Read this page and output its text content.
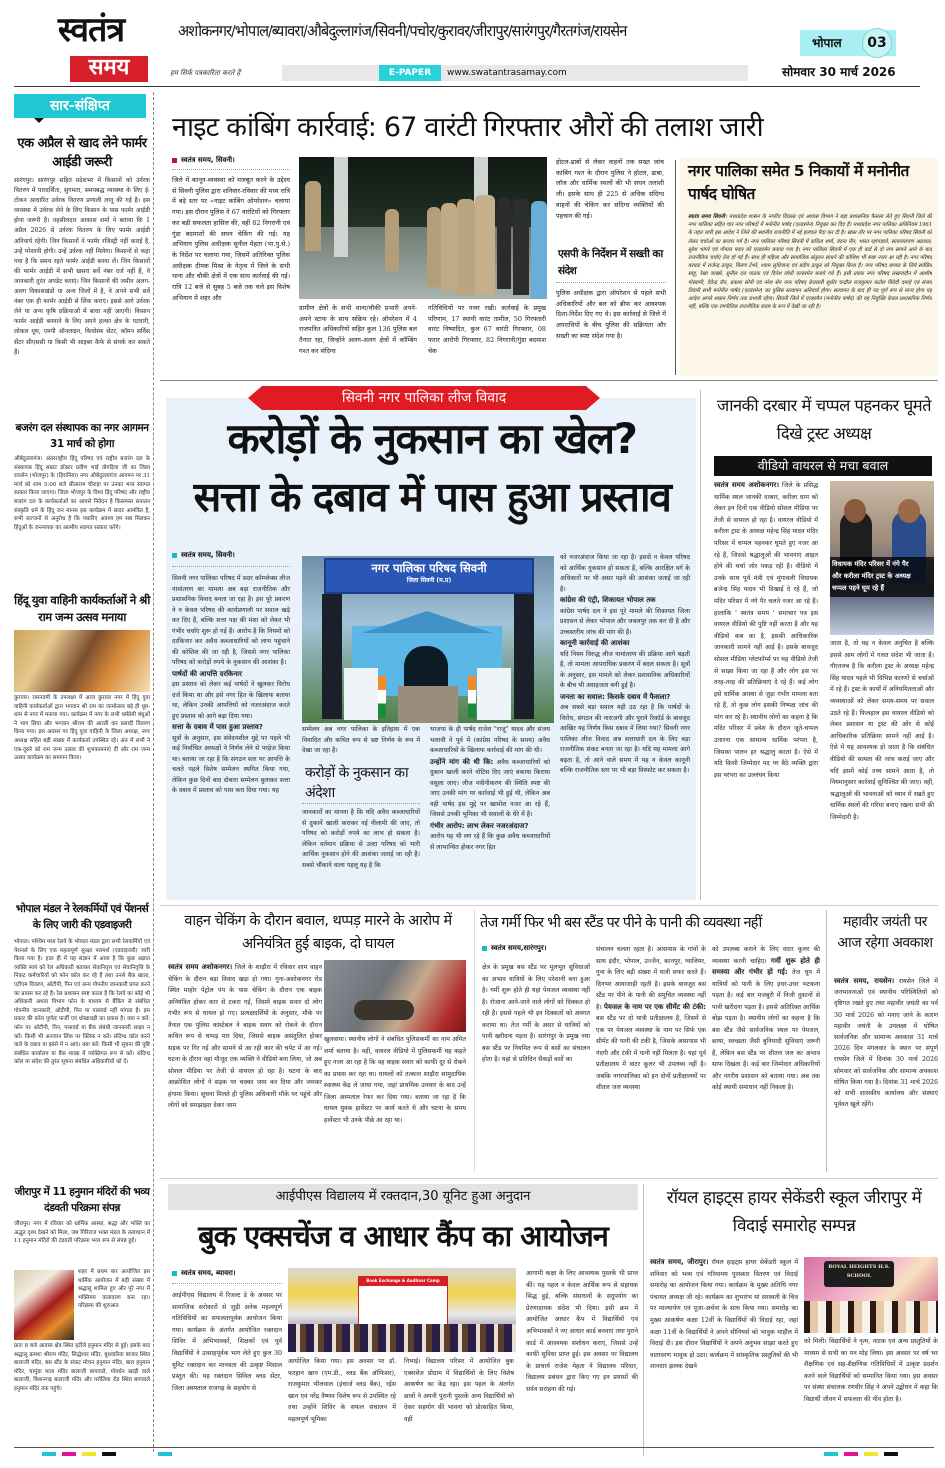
स्वतंत्र
समय
अशोकनगर/भोपाल/ब्यावरा/औबेदुल्लागंज/सिवनी/पचोर/कुरावर/जीरापुर/सारंगपुर/गैरतगंज/रायसेन
भोपाल	03
हम सिर्फ पत्रकारिता करते हैं	E-PAPER	www.swatantrasamay.com	सोमवार 30 मार्च 2026
सार-संक्षिप्त
एक अप्रैल से खाद लेने फार्मर आईडी जरूरी
सारंगपुर। सारंगपुर सहित प्रदेशभर में किसानों को उर्वरक वितरण में पारदर्शिता, सुगमता, समयबद्ध व्यवस्था के लिए ई-टोकन आधारित उर्वरक वितरण प्रणाली लागू की गई है। इस व्यवस्था में उर्वरक लेने के लिए किसान के पास फार्मर आईडी होना जरूरी है। तहसीलदार आकाश शर्मा ने बताया कि 1 अप्रैल 2026 से उर्वरक वितरण के लिए फार्मर आईडी अनिवार्य रहेगी। जिन किसानों ने फार्मर रजिस्ट्री नहीं कराई है, उन्हें परेशानी होगी। उन्हें उर्वरक नहीं मिलेगा। किसानों से कहा गया है कि समय रहते फार्मर आईडी बनवा लें। जिन किसानों की फार्मर आईडी में सभी खसरा सर्वे नंबर दर्ज नहीं हैं, वे जानकारी तुरंत अपडेट कराएं। जिन किसानों की जमीन अलग-अलग विकासखंडों या अन्य जिलों में है, वे अपने सभी सर्वे नंबर एक ही फार्मर आईडी से लिंक कराएं। इससे आगे उर्वरक लेने या अन्य कृषि प्रक्रियाओं में बाधा नहीं आएगी। किसान फार्मर आईडी बनवाने के लिए अपने हल्का क्षेत्र के पटवारी, लोकल यूथ, एमपी ऑनलाइन, कियोस्क सेंटर, कॉमन सर्विस सेंटर सीएससी या किसी भी साइबर कैफे से संपर्क कर सकते हैं।
बजरंग दल संस्थापक का नगर आगमन 31 मार्च को होगा
औबेदुल्लागंज। अंतरराष्ट्रीय हिंदू परिषद एवं राष्ट्रीय बजरंग दल के संस्थापक हिंदू सम्राट डॉक्टर प्रवीण भाई तोगड़िया जी का जिला रायसेन (भोजपुर) के (हिरानिया) नगर औबेदुल्लागंज आगमन पर 31 मार्च को शाम 5:00 बजे सीताराम चौराहा पर उनका भव्य स्वागत सत्कार किया जाएगा। जिला भोजपुर के विश्व हिंदू परिषद और राष्ट्रीय बजरंग दल के कार्यकर्ताओं का आपसे निवेदन है किसमस्त सनातन संस्कृति धर्म के हिंदू जन मानस इस कार्यक्रम में सादर आमंत्रित है, सभी सज्जनों से अनुरोध है कि पधारिए अवश्य हम सब मिलकर हिंदुओं के जननायक का आत्मीय स्वागत सत्कार करेंगे।
हिंदू युवा वाहिनी कार्यकर्ताओं ने श्री राम जन्म उत्सव मनाया
कुरावर। रामनवमी के उपलक्ष्य में आज कुरावर नगर में हिंदू युवा वाहिनी कार्यकर्ताओं द्वारा भगवान श्री राम का जन्मोत्सव बड़े ही धूम-धाम से नगर में मनाया गया। कार्यक्रम में नगर के सभी धर्मप्रेमी बंधुओं ने भाग लिया और भगवान श्रीराम की आरती कर प्रसादी वितरण किया गया। इस अवसर पर हिंदू युवा वाहिनी के जिला अध्यक्ष, नगर अध्यक्ष सहित बड़ी संख्या में कार्यकर्ता उपस्थित रहे। अंत में सभी ने एक-दूसरे को राम जन्म उत्सव की शुभकामनाएं दीं और राम जन्म उत्सव कार्यक्रम का समापन किया।
भोपाल मंडल ने रेलकर्मियों एवं पेंशनर्स के लिए जारी की एडवाइजरी
भोपाल। पश्चिम मध्य रेलवे के भोपाल मंडल द्वारा सभी रेलकर्मियों एवं पेंशनर्स के लिए एक महत्वपूर्ण सुरक्षा परामर्श (एडवाइजरी) जारी किया गया है। हाल ही में यह संज्ञान में आया है कि कुछ अज्ञात व्यक्ति स्वयं को रेल अधिकारी बताकर सेवानिवृत्त एवं सेवानिवृत्ति के निकट कर्मचारियों को फोन कॉल कर रहे हैं तथा उनसे बैंक खाता, एटीएम विवरण, ओटीपी, पिन एवं अन्य गोपनीय जानकारी प्राप्त करने का प्रयास कर रहे हैं। रेल प्रशासन स्पष्ट करता है कि रेलवे का कोई भी अधिकारी अथवा विभाग फोन के माध्यम से बैंकिंग से संबंधित गोपनीय जानकारी, ओटीपी, पिन या पासवर्ड नहीं मांगता है। इस प्रकार की कॉल पूर्णतः फर्जी एवं धोखाधड़ी का प्रयास है। क्या न करें: फोन पर ओटीपी, पिन, पासवर्ड या बैंक संबंधी जानकारी साझा न करें। किसी भी अनजान लिंक पर क्लिक न करें। संदिग्ध कॉल करने वाले के दबाव या झांसे में न आएं। क्या करें: किसी भी सूचना की पुष्टि संबंधित कार्यालय या बैंक शाखा में व्यक्तिगत रूप से करें। संदिग्ध कॉल या संदेश की तुरंत सूचना संबंधित अधिकारियों को दें।
जीरापुर में 11 हनुमान मंदिरों की भव्य दंडवती परिक्रमा संपन्न
जीरापुर। नगर में रविवार को धार्मिक आस्था, श्रद्धा और भक्ति का अद्भुत दृश्य देखने को मिला, जब गिरिराज भक्त मंडल के तत्वाधान में 11 हनुमान मंदिरों की दंडवती परिक्रमा भव्य रूप से संपन्न हुई।
शहर में प्रथम बार आयोजित इस धार्मिक आयोजन में बड़ी संख्या में श्रद्धालु शामिल हुए और पूरे नगर में भक्तिमय वातावरण बना रहा। परिक्रमा की शुरुआत
प्रातः 8 बजे आवास क्षेत्र स्थित हटीले हनुमान मंदिर से हुई। इसके बाद श्रद्धालु क्रमशः श्रीराम मंदिर, सिद्धेश्वर मंदिर, बुधवारिया बाजार स्थित बालाजी मंदिर, बस स्टैंड के संकट मोचन हनुमान मंदिर, बाल हनुमान मंदिर, चामुंडा माता मंदिर बालाजी बागवाले, गोवर्धन खाड़ी वाले बालाजी, किशनगढ़ बालाजी मंदिर और परोलिया रोड स्थित बागवाले हनुमान मंदिर तक पहुंचे।
नाइट कांबिंग कार्रवाई: 67 वारंटी गिरफ्तार औरों की तलाश जारी
स्वतंत्र समय, सिवनी।
जिले में कानून-व्यवस्था को मजबूत करने के उद्देश्य से सिवनी पुलिस द्वारा शनिवार-रविवार की मध्य रात्रि में बड़े स्तर पर «नाइट कांबिंग ऑपरेशन» चलाया गया। इस दौरान पुलिस ने 67 वारंटियों को गिरफ्तार कर बड़ी सफलता हासिल की, वहीं 82 निगरानी एवं गुंडा बदमाशों की सघन चेकिंग की गई। यह अभियान पुलिस अधीक्षक सुनील मेहता (भा.पु.से.) के निर्देश पर चलाया गया, जिसमें अतिरिक्त पुलिस अधीक्षक दीपक मिश्रा के नेतृत्व में जिले के सभी थाना और चौकी क्षेत्रों में एक साथ कार्रवाई की गई। रात्रि 12 बजे से सुबह 5 बजे तक चले इस विशेष अभियान में शहर और
ग्रामीण क्षेत्रों के सभी थाना/चौकी प्रभारी अपने-अपने स्टाफ के साथ सक्रिय रहे। ऑपरेशन में 4 राजपत्रित अधिकारियों सहित कुल 136 पुलिस बल तैनात रहा, जिन्होंने अलग-अलग क्षेत्रों में कॉम्बिंग गश्त कर संदिग्ध
गतिविधियों पर नजर रखी। कार्रवाई के प्रमुख परिणाम, 17 स्थायी वारंट तामील, 50 गिरफ्तारी वारंट निष्पादित, कुल 67 वारंटी गिरफ्तार, 08 फरार आरोपी गिरफ्तार, 82 निगरानी/गुंडा बदमाश चेक
होटल-ढाबों से लेकर वाहनों तक सख्त जांच कांबिंग गश्त के दौरान पुलिस ने होटल, ढाबा, लॉज और धार्मिक स्थलों की भी सघन तलाशी ली। इसके साथ ही 225 से अधिक संदिग्ध वाहनों की चेकिंग कर संदिग्ध व्यक्तियों की पहचान की गई।
एसपी के निर्देशन में सख्ती का संदेश
पुलिस अधीक्षक द्वारा ऑपरेशन से पहले सभी अधिकारियों और बल को ब्रीफ कर आवश्यक दिशा-निर्देश दिए गए थे। इस कार्रवाई से जिले में अपराधियों के बीच पुलिस की सक्रियता और सख्ती का स्पष्ट संदेश गया है।
नगर पालिका समेत 5 निकायों में मनोनीत पार्षद घोषित
स्वतंत्र समय सिवनी। मध्यप्रदेश शासन के नगरीय विकास एवं आवास विभाग ने बड़ा प्रशासनिक फैसला लेते हुए सिवनी जिले की नगर पालिका सहित चार नगर परिषदों में मनोनीत पार्षद (एल्डरमेन) नियुक्त कर दिए हैं। मध्यप्रदेश नगर पालिका अधिनियम 1961 के तहत जारी इस आदेश ने जिले की स्थानीय राजनीति में नई हलचल पैदा कर दी है। खास तौर पर नगर पालिका परिषद सिवनी को लेकर चर्चाओं का बाजार गर्म है। नगर पालिका परिषद सिवनी में कविता शर्मा, वंदना जैन, भारत रहांगडाले, सत्यनारायण अग्रवाल, सुरेश भांगरे एवं गोपाल पवार को एल्डरमेन बनाया गया है। नगर पालिका सिवनी में एक ही वार्ड से दो नाम सामने आने के बाद राजनीतिक चर्चाएं तेज हो गई हैं। साथ ही महिला और सामाजिक संतुलन साधने की कोशिश भी स्पष्ट नजर आ रही है। नगर परिषद बरघाट में राजेन्द्र ठाकुर, किरण टेंभरे, श्याम लुधियाना एवं प्रदीप ठाकुर को नियुक्त किया है। नगर परिषद छपारा के लिये सर्वप्रिय साहू, रेखा जाखरे, सुनील दत्त पाठक एवं दिनेश लोधी एल्डरमेन बनाये गये हैं। इसी प्रकार नगर परिषद लखनादौन में आशीष गोस्वामी, देवेन्द्र जैन, प्रकाश सोनी एवं नरेश सेन नगर परिषद केवलारी सुधीर चन्द्रौल राजकुमार कटोल त्रिवेदी दमाहे एवं संजय तिवारी सभी मनोनीत पार्षद (एल्डरमेन) का पुलिस सत्यापन अनिवार्य होगा। सत्यापन के बाद ही पद पूर्ण रूप से मान्य होगा यह आदेश अगले शासन निर्णय तक प्रभावी रहेगा। सिवनी जिले में एल्डरमैन (मनोनीत पार्षद) की यह नियुक्ति केवल प्रशासनिक निर्णय नहीं, बल्कि एक रणनीतिक राजनीतिक कदम के रूप में देखी जा रही है।
सिवनी नगर पालिका लीज विवाद
करोड़ों के नुकसान का खेल?
सत्ता के दबाव में पास हुआ प्रस्ताव
स्वतंत्र समय, सिवनी।
सिवनी नगर पालिका परिषद में सदर कॉम्प्लेक्स लीज नामांतरण का मामला अब बड़ा राजनीतिक और प्रशासनिक विवाद बनता जा रहा है। इस पूरे प्रकरण ने न केवल परिषद की कार्यप्रणाली पर सवाल खड़े कर दिए हैं, बल्कि सत्ता पक्ष की मंशा को लेकर भी गंभीर चर्चाएं शुरू हो गई हैं। आरोप है कि नियमों को दरकिनार कर अवैध कब्जाधारियों को लाभ पहुंचाने की कोशिश की जा रही है, जिससे नगर पालिका परिषद को करोड़ों रुपये के नुकसान की आशंका है।
पार्षदों की आपत्ति दरकिनार
इस प्रस्ताव को लेकर कई पार्षदों ने खुलकर विरोध दर्ज किया था और इसे नगर हित के खिलाफ बताया था, लेकिन उनकी आपत्तियों को नजरअंदाज करते हुए प्रस्ताव को आगे बढ़ा दिया गया।
सत्ता के दबाव में पास हुआ प्रस्ताव?
सूत्रों के अनुसार, इस संवेदनशील मुद्दे पर पहले भी कई निर्वाचित अध्यक्षों ने निर्णय लेने से परहेज किया था। बताया जा रहा है कि संगठन स्तर पर आपत्ति के चलते पहले विशेष सम्मेलन स्थगित किया गया, लेकिन कुछ दिनों बाद दोबारा सम्मेलन बुलाकर सत्ता के दबाव में प्रस्ताव को पास करा दिया गया। यह
नगर पालिका परिषद सिवनी
जिला सिवनी (म.प्र)
सम्मेलन अब नगर पालिका के इतिहास में एक विवादित और कथित रूप से भ्रष्ट निर्णय के रूप में देखा जा रहा है।
करोड़ों के नुकसान का अंदेशा
जानकारों का मानना है कि यदि अवैध कब्जाधारियों से दुकानें खाली कराकर नई नीलामी की जाए, तो परिषद को करोड़ों रुपये का लाभ हो सकता है। लेकिन वर्तमान प्रक्रिया से उल्टा परिषद को भारी आर्थिक नुकसान होने की आशंका जताई जा रही है। सबसे चौंकाने वाला पहलू यह है कि
भाजपा के ही पार्षद राजेश "राजू" यादव और संजय भलावी ने पूर्व में (कांग्रेस परिषद के समय) अवैध कब्जाधारियों के खिलाफ कार्रवाई की मांग की थी।
उन्होंने मांग की थी कि: अवैध कब्जाधारियों को दुकान खाली करने नोटिस दिए जाएं बकाया किराया वसूला जाए। लीज नवीनीकरण की स्थिति स्पष्ट की जाए उनकी मांग पर कार्रवाई भी हुई थी, लेकिन अब वही पार्षद इस मुद्दे पर खामोश नजर आ रहे हैं, जिससे उनकी भूमिका भी सवालों के घेरे में है।
गंभीर आरोप: लाभ लेकर नजरअंदाज?
आरोप यह भी लग रहे हैं कि कुछ अवैध कब्जाधारियों से लाभान्वित होकर नगर हित
को नजरअंदाज किया जा रहा है। इससे न केवल परिषद को आर्थिक नुकसान हो सकता है, बल्कि आरक्षित वर्ग के अधिकारों पर भी असर पड़ने की आशंका जताई जा रही है।
कांग्रेस की एंट्री, शिकायत भोपाल तक
कांग्रेस पार्षद दल ने इस पूरे मामले की शिकायत जिला प्रशासन से लेकर भोपाल और जबलपुर तक कर दी है और उच्चस्तरीय जांच की मांग की है।
कानूनी कार्रवाई की आशंका
यदि नियम विरुद्ध लीज नामांतरण की प्रक्रिया आगे बढ़ती है, तो मामला आपराधिक प्रकरण में बदल सकता है। सूत्रों के अनुसार, इस मामले को लेकर प्रशासनिक अधिकारियों के बीच भी असहजता बनी हुई है।
जनता का सवाल: किसके दबाव में फैसला?
अब सबसे बड़ा सवाल यही उठ रहा है कि पार्षदों के विरोध, संगठन की नाराजगी और पुराने रिकॉर्ड के बावजूद आखिर यह निर्णय किस दबाव में लिया गया? सिवनी नगर पालिका लीज विवाद अब सत्ताधारी दल के लिए बड़ा राजनीतिक संकट बनता जा रहा है। यदि यह मामला आगे बढ़ता है, तो आने वाले समय में यह न केवल कानूनी बल्कि राजनीतिक स्तर पर भी बड़ा विस्फोट कर सकता है।
जानकी दरबार में चप्पल पहनकर घूमते दिखे ट्रस्ट अध्यक्ष
वीडियो वायरल से मचा बवाल
स्वतंत्र समय अशोकनगर। जिले के प्रसिद्ध धार्मिक स्थल जानकी दरबार, करीला धाम को लेकर इन दिनों एक वीडियो सोशल मीडिया पर तेजी से वायरल हो रहा है। वायरल वीडियो में करीला ट्रस्ट के अध्यक्ष महेन्द्र सिंह यादव मंदिर परिसर में चप्पल पहनकर घूमते हुए नजर आ रहे हैं, जिससे श्रद्धालुओं की भावनाएं आहत होने की चर्चा जोर पकड़ रही है। वीडियो में उनके साथ पूर्व मंत्री एवं मुंगावली विधायक ब्रजेन्द्र सिंह यादव भी दिखाई दे रहे हैं, जो मंदिर परिसर में नंगे पैर चलते नजर आ रहे हैं। हालांकि ' स्वतंत्र समय ' समाचार पत्र इस वायरल वीडियो की पुष्टि नहीं करता है और यह वीडियो कब का है, इसकी आधिकारिक जानकारी सामने नहीं आई है। इसके बावजूद सोशल मीडिया प्लेटफॉर्म्स पर यह वीडियो तेजी से साझा किया जा रहा है और लोग इस पर तरह-तरह की प्रतिक्रियाएं दे रहे हैं। कई लोग इसे धार्मिक आस्था से जुड़ा गंभीर मामला बता रहे हैं, तो कुछ लोग इसकी निष्पक्ष जांच की मांग कर रहे हैं। स्थानीय लोगों का कहना है कि मंदिर परिसर में प्रवेश के दौरान जूते-चप्पल उतारना एक सामान्य धार्मिक परंपरा है, जिसका पालन हर श्रद्धालु करता है। ऐसे में यदि किसी जिम्मेदार पद पर बैठे व्यक्ति द्वारा इस परंपरा का उल्लंघन किया
विधायक मंदिर परिसर में नंगे पैर
और करीला मंदिर ट्रस्ट के अध्यक्ष
चप्पल पहने घूम रहे हैं
जाता है, तो यह न केवल अनुचित है बल्कि इससे आम लोगों में गलत संदेश भी जाता है। गौरतलब है कि करीला ट्रस्ट के अध्यक्ष महेन्द्र सिंह यादव पहले भी विभिन्न कारणों से चर्चाओं में रहे हैं। ट्रस्ट के कार्यों में अनियमितताओं और व्यवस्थाओं को लेकर समय-समय पर सवाल उठते रहे हैं। फिलहाल इस वायरल वीडियो को लेकर प्रशासन या ट्रस्ट की ओर से कोई आधिकारिक प्रतिक्रिया सामने नहीं आई है। ऐसे में यह आवश्यक हो जाता है कि संबंधित वीडियो की सत्यता की जांच कराई जाए और यदि इसमें कोई तथ्य सामने आता है, तो नियमानुसार कार्रवाई सुनिश्चित की जाए। वहीं, श्रद्धालुओं की भावनाओं को ध्यान में रखते हुए धार्मिक स्थलों की गरिमा बनाए रखना सभी की जिम्मेदारी है।
वाहन चेकिंग के दौरान बवाल, थप्पड़ मारने के आरोप में अनियंत्रित हुई बाइक, दो घायल
स्वतंत्र समय अशोकनगर। जिले के शाढ़ौरा में रविवार शाम वाहन चेकिंग के दौरान बड़ा विवाद खड़ा हो गया। गुना-अशोकनगर रोड स्थित माहोर पेट्रोल पंप के पास चेकिंग के दौरान एक बाइक अनियंत्रित होकर कार से टकरा गई, जिसमें बाइक सवार दो लोग गंभीर रूप से घायल हो गए। प्रत्यक्षदर्शियों के अनुसार, मौके पर तैनात एक पुलिस कांस्टेबल ने बाइक सवार को रोकने के दौरान कथित रूप से थप्पड़ मार दिया, जिससे बाइक असंतुलित होकर सड़क पर गिर गई और सामने से आ रही कार की चपेट में आ गई। घटना के दौरान वहां मौजूद एक व्यक्ति ने वीडियो बना लिया, जो अब सोशल मीडिया पर तेजी से वायरल हो रहा है। घटना के बाद आक्रोशित लोगों ने सड़क पर चक्का जाम कर दिया और जमकर हंगामा किया। सूचना मिलते ही पुलिस अधिकारी मौके पर पहुंचे और लोगों को समझाइश देकर जाम
खुलवाया। स्थानीय लोगों ने संबंधित पुलिसकर्मी का नाम अमित शर्मा बताया है। वहीं, वायरल वीडियो में पुलिसकर्मी यह कहते हुए नजर आ रहा है कि वह बाइक सवार को काफी दूर से रोकने का प्रयास कर रहा था। घायलों को तत्काल शाढ़ौरा सामुदायिक स्वास्थ्य केंद्र ले जाया गया, जहां प्राथमिक उपचार के बाद उन्हें जिला अस्पताल रेफर कर दिया गया। बताया जा रहा है कि घायल युवक हार्वेस्टर पर कार्य करते थे और घटना के समय हार्वेस्टर भी उनके पीछे आ रहा था।
तेज गर्मी फिर भी बस स्टैंड पर पीने के पानी की व्यवस्था नहीं
स्वतंत्र समय,सारंगपुर।
क्षेत्र के प्रमुख बस स्टैंड पर मूलभूत सुविधाओं का अभाव यात्रियों के लिए परेशानी बना हुआ है। गर्मी शुरू होते ही यहां पेयजल व्यवस्था नहीं है। रोजाना आने-जाने वाले लोगों को दिक्कत हो रही है। इससे पहले भी इन दिक्कतों को अवगत कराया था। तेज गर्मी के असर से यात्रियों को पानी खरीदना पड़ता है। सारंगपुर के प्रमुख नया बस स्टैंड पर नियमित रूप से बसों का संचालन होता है। यहां से प्रतिदिन सैकड़ों बसों का
संचालन चलता रहता है। आसपास के गांवों के साथ इंदौर, भोपाल, उज्जैन, कानपुर, ग्वालियर, गुना के लिए बड़ी संख्या में यात्री सफर करते हैं। दिनभर आवाजाही रहती है। इसके बावजूद बस स्टैंड पर पीने के पानी की समुचित व्यवस्था नहीं है। पेयजल के नाम पर एक सीमेंट की टंकी: बस स्टैंड पर दो यात्री प्रतीक्षालय है, जिसमें से एक पर पेयजल व्यवस्था के नाम पर सिर्फ एक सीमेंट की पानी की टंकी है, जिसके आसपास भी गंदगी और टंकी में पानी नहीं मिलता है। यहां पूर्व प्रतीक्षालय में वाटर कूलर भी उपलब्ध नहीं है। जबकि नगरपालिका को इन दोनों प्रतीक्षालयों पर शीतल जल व्यवस्था
को उपलब्ध कराने के लिए वाटर कूलर की व्यवस्था करनी चाहिए। गर्मी शुरू होते ही समस्या और गंभीर हो गई: तेज धूप में यात्रियों को पानी के लिए इधर-उधर भटकना पड़ता है। कई बार मजबूरी में निजी दुकानों से पानी खरीदना पड़ता है। इससे अतिरिक्त आर्थिक बोझ पड़ता है। स्थानीय लोगों का कहना है कि बस स्टैंड जैसे सार्वजनिक स्थल पर पेयजल, छाया, स्वच्छता जैसी बुनियादी सुविधाएं जरूरी हैं, लेकिन बस स्टैंड पर शीतल जल का अभाव साफ दिखता है। कई बार जिम्मेदार अधिकारियों और नगरीय प्रशासन को बताया गया। अब तक कोई स्थायी समाधान नहीं निकला है।
महावीर जयंती पर आज रहेगा अवकाश
स्वतंत्र समय, रायसेन। रायसेन जिले में जनभावनाओं एवं स्थानीय परिस्थितियों को दृष्टिगत रखते हुए तथा महावीर जयंती का पर्व 30 मार्च 2026 को मनाए जाने के कारण महावीर जयंती के उपलक्ष्य में घोषित सार्वजनिक और सामान्य अवकाश 31 मार्च 2026 दिन मंगलवार के स्थान पर संपूर्ण रायसेन जिले में दिनांक 30 मार्च 2026 सोमवार को सार्वजनिक और सामान्य अवकाश घोषित किया गया है। दिनांक 31 मार्च 2026 को सभी शासकीय कार्यालय और संस्थाएं पूर्ववत खुले रहेंगे।
आईपीएस विद्यालय में रक्तदान,30 यूनिट हुआ अनुदान
बुक एक्सचेंज व आधार कैंप का आयोजन
स्वतंत्र समय, ब्यावरा।
आईपीएस विद्यालय में रिजल्ट डे के अवसर पर सामाजिक सरोकारों से जुड़ी अनेक महत्वपूर्ण गतिविधियों का सफलतापूर्वक आयोजन किया गया। कार्यक्रम के अंतर्गत आयोजित रक्तदान शिविर में अभिभावकों, शिक्षकों एवं पूर्व विद्यार्थियों ने उत्साहपूर्वक भाग लेते हुए कुल 30 यूनिट रक्तदान कर मानवता की उत्कृष्ट मिसाल प्रस्तुत की। यह रक्तदान सिविल ब्लड सेंटर, जिला अस्पताल राजगढ़ के सहयोग से
Book Exchange & Aadhaar Camp
आयोजित किया गया। इस अवसर पर डॉ. फरहान खान (एम.डी., ब्लड बैंक ऑफिसर), राजकुमार भीलवाल (इंचार्ज ब्लड बैंक), रईस खान एवं नरेंद्र वैष्णव विशेष रूप से उपस्थित रहे तथा उन्होंने शिविर के सफल संचालन में महत्वपूर्ण भूमिका
निभाई। विद्यालय परिसर में आयोजित बुक एक्सचेंज प्रोग्राम में विद्यार्थियों के लिए विशेष आकर्षण का केंद्र रहा। इस पहल के अंतर्गत छात्रों ने अपनी पुरानी पुस्तकें अन्य विद्यार्थियों को देकर सहयोग की भावना को प्रोत्साहित किया, वहीं
आगामी कक्षा के लिए आवश्यक पुस्तकें भी प्राप्त कीं। यह पहल न केवल आर्थिक रूप से सहायक सिद्ध हुई, बल्कि संसाधनों के सदुपयोग का प्रेरणादायक संदेश भी दिया। इसी क्रम में आयोजित आधार कैंप में विद्यार्थियों एवं अभिभावकों ने नए आधार कार्ड बनवाए तथा पुराने कार्ड में आवश्यक संशोधन कराए, जिससे उन्हें काफी सुविधा प्राप्त हुई। इस अवसर पर विद्यालय के प्राचार्य राजेश मेहता ने विद्यालय परिवार, विद्यालय प्रबंधन द्वारा किए गए इन प्रयासों की सर्वत्र सराहना की गई।
रॉयल हाइट्स हायर सेकेंडरी स्कूल जीरापुर में विदाई समारोह सम्पन्न
स्वतंत्र समय, जीरापुर। रॉयल हाइट्स हायर सेकेंडरी स्कूल में शनिवार को भव्य एवं गरिमामय पुरस्कार वितरण एवं विदाई समारोह का आयोजन किया गया। कार्यक्रम के मुख्य अतिथि नगर पंचायत अध्यक्ष जी रहे। कार्यक्रम का शुभारंभ मां सरस्वती के चित्र पर माल्यार्पण एवं पूजा-अर्चना के साथ किया गया। समारोह का मुख्य आकर्षण कक्षा 12वीं के विद्यार्थियों की विदाई रहा, जहां कक्षा 11वीं के विद्यार्थियों ने अपने सीनियर्स को भावुक माहौल में विदाई दी। इस दौरान विद्यार्थियों ने अपने अनुभव साझा करते हुए वातावरण भावुक हो उठा। कार्यक्रम में सांस्कृतिक प्रस्तुतियों की भी शानदार झलक देखने
ROYAL HEIGHTS H.S. SCHOOL
को मिली। विद्यार्थियों ने नृत्य, नाटक एवं अन्य प्रस्तुतियों के माध्यम से सभी का मन मोह लिया। इस अवसर पर वर्ष भर शैक्षणिक एवं सह-शैक्षणिक गतिविधियों में उत्कृष्ट प्रदर्शन करने वाले विद्यार्थियों को सम्मानित किया गया। इस अवसर पर संस्था संचालक रणधीर सिंह ने अपने उद्बोधन में कहा कि विद्यार्थी जीवन में सफलता की नींव होता है।
